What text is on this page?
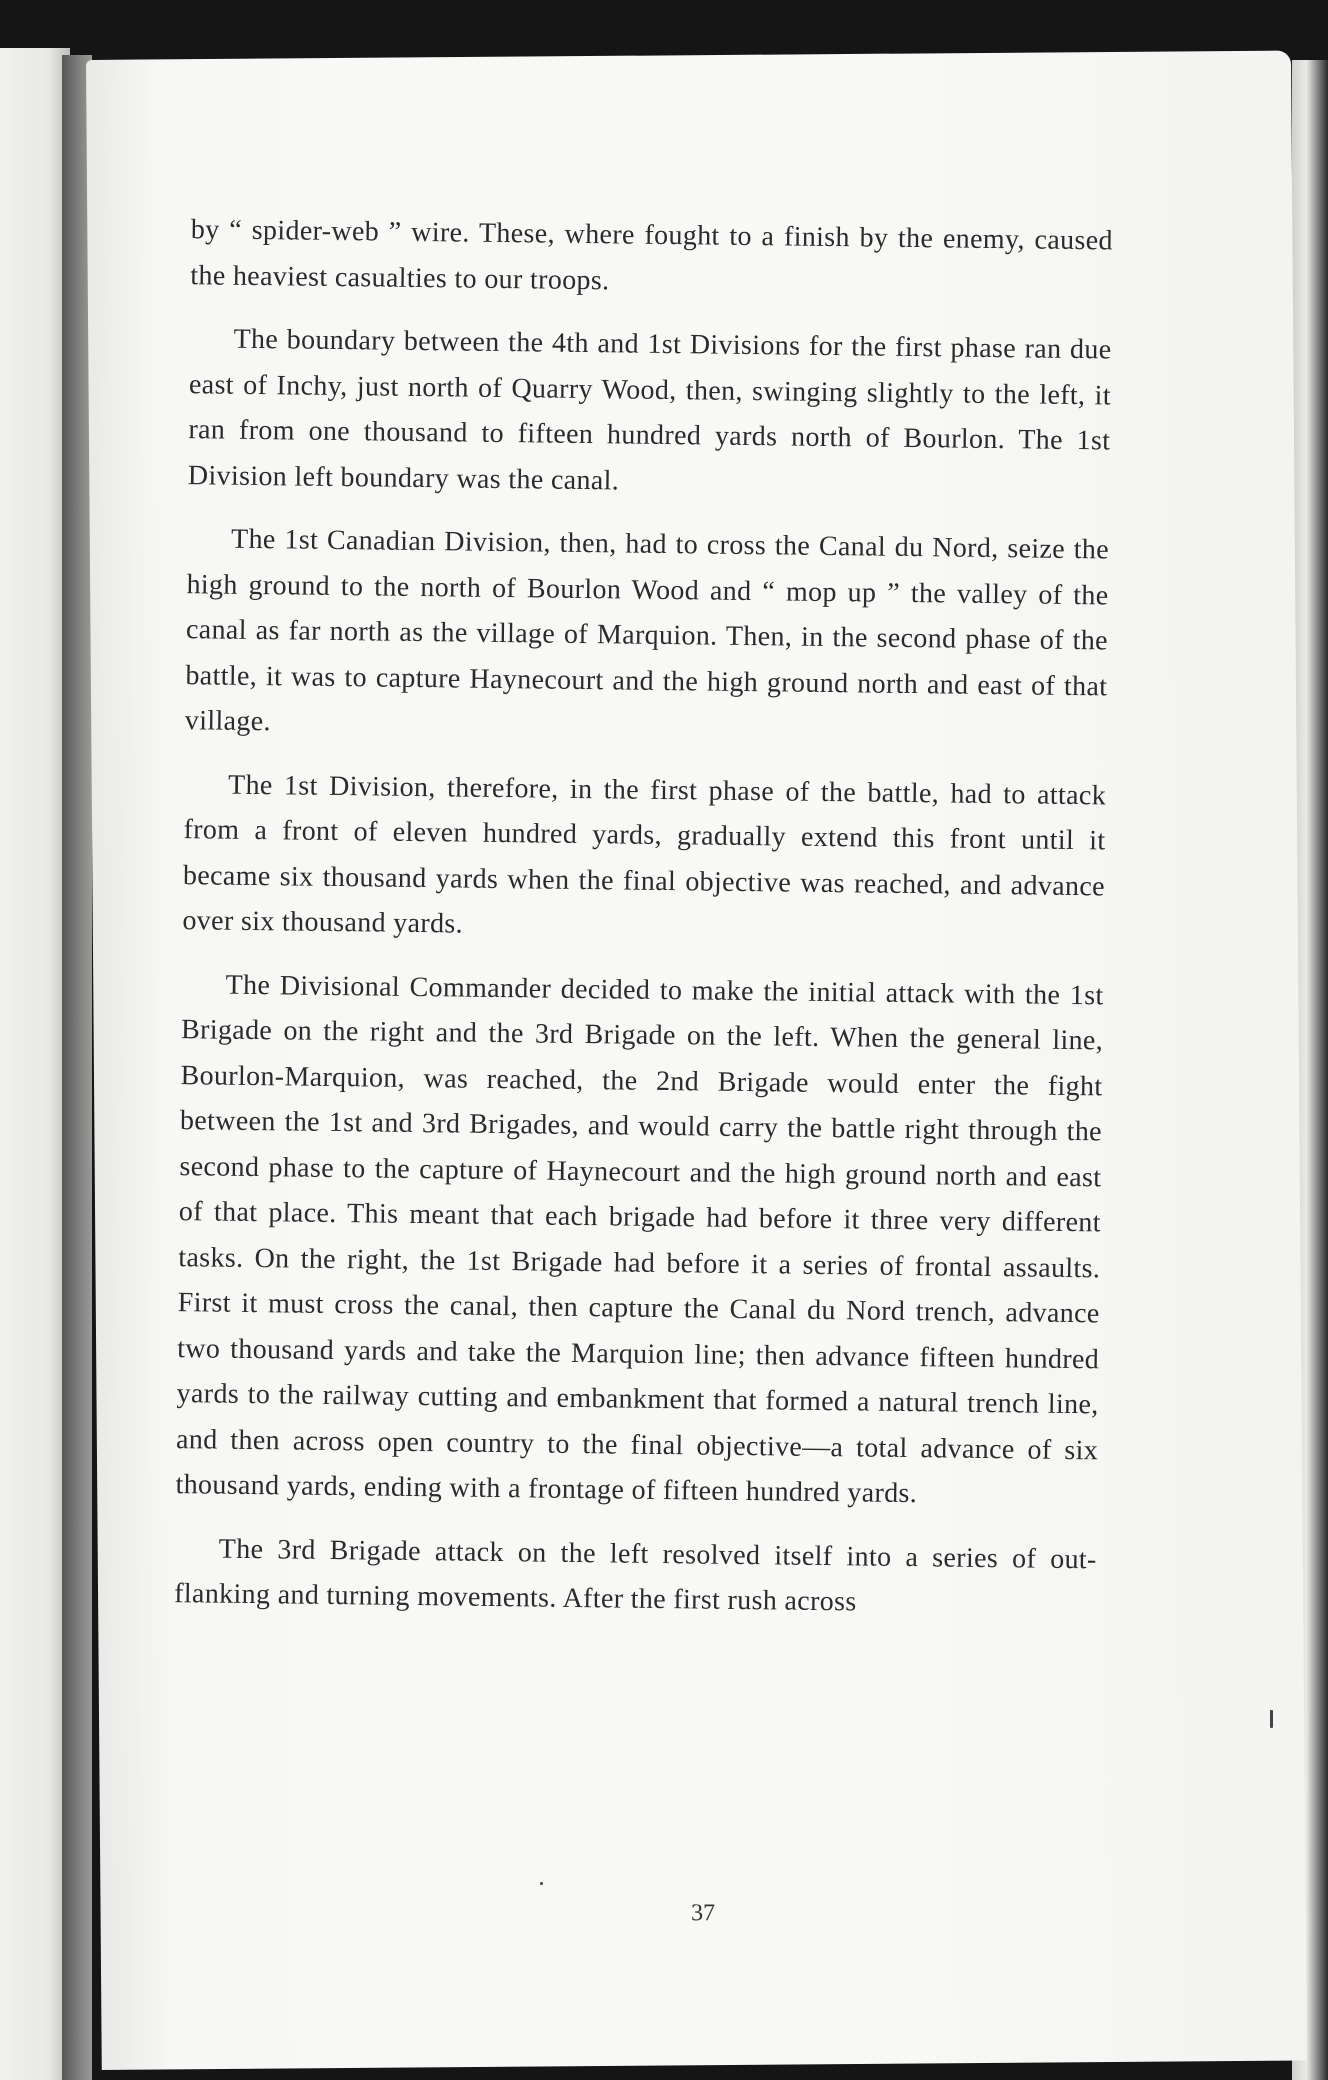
by “ spider-web ” wire. These, where fought to a finish by the enemy, caused the heaviest casualties to our troops.

The boundary between the 4th and 1st Divisions for the first phase ran due east of Inchy, just north of Quarry Wood, then, swinging slightly to the left, it ran from one thousand to fifteen hundred yards north of Bourlon. The 1st Division left boundary was the canal.

The 1st Canadian Division, then, had to cross the Canal du Nord, seize the high ground to the north of Bourlon Wood and “ mop up ” the valley of the canal as far north as the village of Marquion. Then, in the second phase of the battle, it was to capture Haynecourt and the high ground north and east of that village.

The 1st Division, therefore, in the first phase of the battle, had to attack from a front of eleven hundred yards, gradually extend this front until it became six thousand yards when the final objective was reached, and advance over six thousand yards.

The Divisional Commander decided to make the initial attack with the 1st Brigade on the right and the 3rd Brigade on the left. When the general line, Bourlon-Marquion, was reached, the 2nd Brigade would enter the fight between the 1st and 3rd Brigades, and would carry the battle right through the second phase to the capture of Haynecourt and the high ground north and east of that place. This meant that each brigade had before it three very different tasks. On the right, the 1st Brigade had before it a series of frontal assaults. First it must cross the canal, then capture the Canal du Nord trench, advance two thousand yards and take the Marquion line; then advance fifteen hundred yards to the railway cutting and embankment that formed a natural trench line, and then across open country to the final objective—a total advance of six thousand yards, ending with a frontage of fifteen hundred yards.

The 3rd Brigade attack on the left resolved itself into a series of out-flanking and turning movements. After the first rush across

37
